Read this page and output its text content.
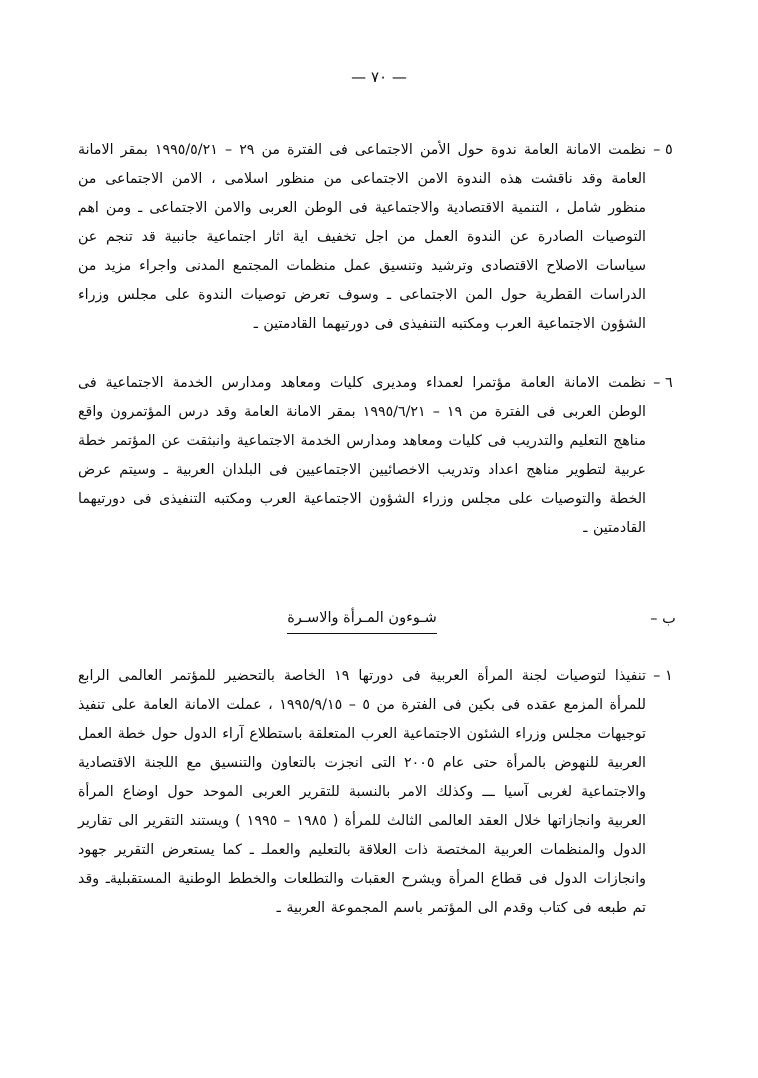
— ٧٠ —
٥ –
نظمت الامانة العامة ندوة حول الأمن الاجتماعى فى الفترة من ٢٩ – ١٩٩٥/٥/٢١ بمقر الامانة العامة وقد ناقشت هذه الندوة الامن الاجتماعى من منظور اسلامى ، الامن الاجتماعى من منظور شامل ، التنمية الاقتصادية والاجتماعية فى الوطن العربى والامن الاجتماعى ـ ومن اهم التوصيات الصادرة عن الندوة العمل من اجل تخفيف اية اثار اجتماعية جانبية قد تنجم عن سياسات الاصلاح الاقتصادى وترشيد وتنسيق عمل منظمات المجتمع المدنى واجراء مزيد من الدراسات القطرية حول المن الاجتماعى ـ وسوف تعرض توصيات الندوة على مجلس وزراء الشؤون الاجتماعية العرب ومكتبه التنفيذى فى دورتيهما القادمتين ـ
٦ –
نظمت الامانة العامة مؤتمرا لعمداء ومديرى كليات ومعاهد ومدارس الخدمة الاجتماعية فى الوطن العربى فى الفترة من ١٩ – ١٩٩٥/٦/٢١ بمقر الامانة العامة وقد درس المؤتمرون واقع مناهج التعليم والتدريب فى كليات ومعاهد ومدارس الخدمة الاجتماعية وانبثقت عن المؤتمر خطة عربية لتطوير مناهج اعداد وتدريب الاخصائيين الاجتماعيين فى البلدان العربية ـ وسيتم عرض الخطة والتوصيات على مجلس وزراء الشؤون الاجتماعية العرب ومكتبه التنفيذى فى دورتيهما القادمتين ـ
ب –
شـوءون المـرأة والاسـرة
١ –
تنفيذا لتوصيات لجنة المرأة العربية فى دورتها ١٩ الخاصة بالتحضير للمؤتمر العالمى الرابع للمرأة المزمع عقده فى بكين فى الفترة من ٥ – ١٩٩٥/٩/١٥ ، عملت الامانة العامة على تنفيذ توجيهات مجلس وزراء الشئون الاجتماعية العرب المتعلقة باستطلاع آراء الدول حول خطة العمل العربية للنهوض بالمرأة حتى عام ٢٠٠٥ التى انجزت بالتعاون والتنسيق مع اللجنة الاقتصادية والاجتماعية لغربى آسيا ـــ وكذلك الامر بالنسبة للتقرير العربى الموحد حول اوضاع المرأة العربية وانجازاتها خلال العقد العالمى الثالث للمرأة ( ١٩٨٥ – ١٩٩٥ ) ويستند التقرير الى تقارير الدول والمنظمات العربية المختصة ذات العلاقة بالتعليم والعملـ ـ كما يستعرض التقرير جهود وانجازات الدول فى قطاع المرأة ويشرح العقبات والتطلعات والخطط الوطنية المستقبليةـ وقد تم طبعه فى كتاب وقدم الى المؤتمر باسم المجموعة العربية ـ
